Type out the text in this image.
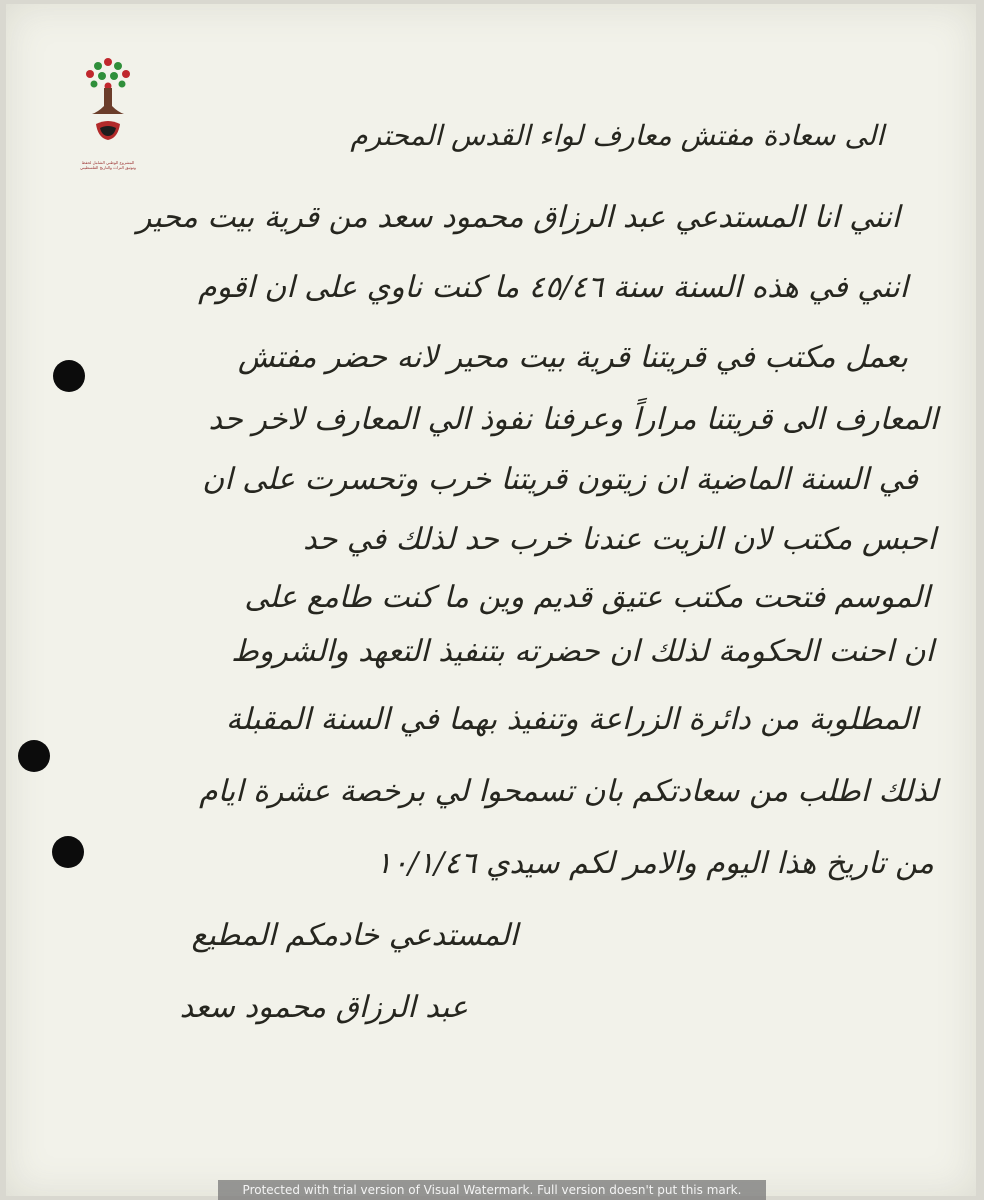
المشروع الوطني الشامل لحفظ
وتوثيق التراث والتاريخ الفلسطيني
الى سعادة مفتش معارف لواء القدس المحترم
انني انا المستدعي عبد الرزاق محمود سعد من قرية بيت محير
انني في هذه السنة سنة ٤٥/٤٦ ما كنت ناوي على ان اقوم
بعمل مكتب في قريتنا قرية بيت محير لانه حضر مفتش
المعارف الى قريتنا مراراً وعرفنا نفوذ الي المعارف لاخر حد
في السنة الماضية ان زيتون قريتنا خرب وتحسرت على ان
احبس مكتب لان الزيت عندنا خرب حد لذلك في حد
الموسم فتحت مكتب عتيق قديم وين ما كنت طامع على
ان احنت الحكومة لذلك ان حضرته بتنفيذ التعهد والشروط
المطلوبة من دائرة الزراعة وتنفيذ بهما في السنة المقبلة
لذلك اطلب من سعادتكم بان تسمحوا لي برخصة عشرة ايام
من تاريخ هذا اليوم والامر لكم سيدي ١٠/١/٤٦
المستدعي خادمكم المطيع
عبد الرزاق محمود سعد
Protected with trial version of Visual Watermark. Full version doesn't put this mark.
